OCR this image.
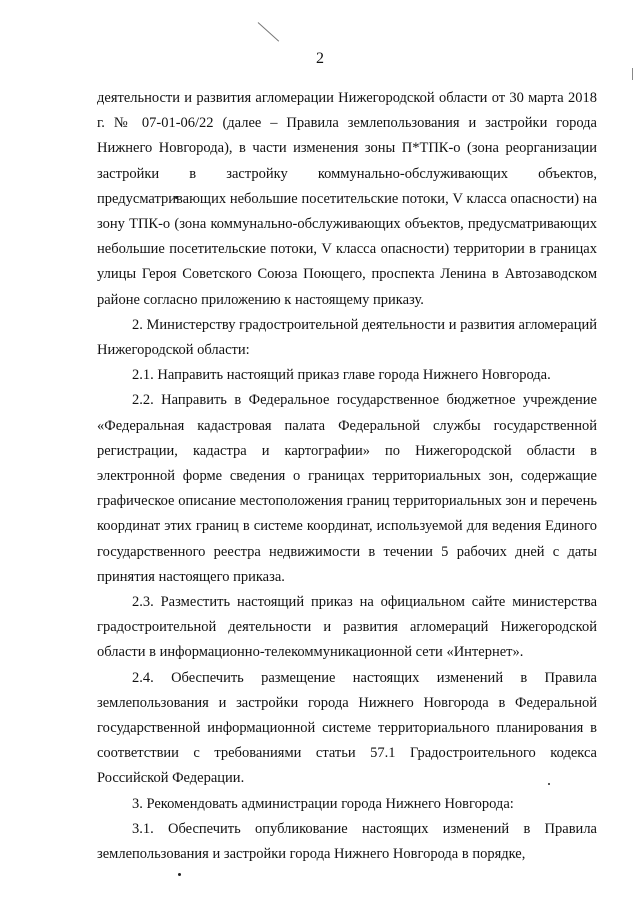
2

деятельности и развития агломерации Нижегородской области от 30 марта 2018 г. № 07-01-06/22 (далее – Правила землепользования и застройки города Нижнего Новгорода), в части изменения зоны П*ТПК-о (зона реорганизации застройки в застройку коммунально-обслуживающих объектов, предусматривающих небольшие посетительские потоки, V класса опасности) на зону ТПК-о (зона коммунально-обслуживающих объектов, предусматривающих небольшие посетительские потоки, V класса опасности) территории в границах улицы Героя Советского Союза Поющего, проспекта Ленина в Автозаводском районе согласно приложению к настоящему приказу.

2. Министерству градостроительной деятельности и развития агломераций Нижегородской области:

2.1. Направить настоящий приказ главе города Нижнего Новгорода.

2.2. Направить в Федеральное государственное бюджетное учреждение «Федеральная кадастровая палата Федеральной службы государственной регистрации, кадастра и картографии» по Нижегородской области в электронной форме сведения о границах территориальных зон, содержащие графическое описание местоположения границ территориальных зон и перечень координат этих границ в системе координат, используемой для ведения Единого государственного реестра недвижимости в течении 5 рабочих дней с даты принятия настоящего приказа.

2.3. Разместить настоящий приказ на официальном сайте министерства градостроительной деятельности и развития агломераций Нижегородской области в информационно-телекоммуникационной сети «Интернет».

2.4. Обеспечить размещение настоящих изменений в Правила землепользования и застройки города Нижнего Новгорода в Федеральной государственной информационной системе территориального планирования в соответствии с требованиями статьи 57.1 Градостроительного кодекса Российской Федерации.

3. Рекомендовать администрации города Нижнего Новгорода:

3.1. Обеспечить опубликование настоящих изменений в Правила землепользования и застройки города Нижнего Новгорода в порядке,
